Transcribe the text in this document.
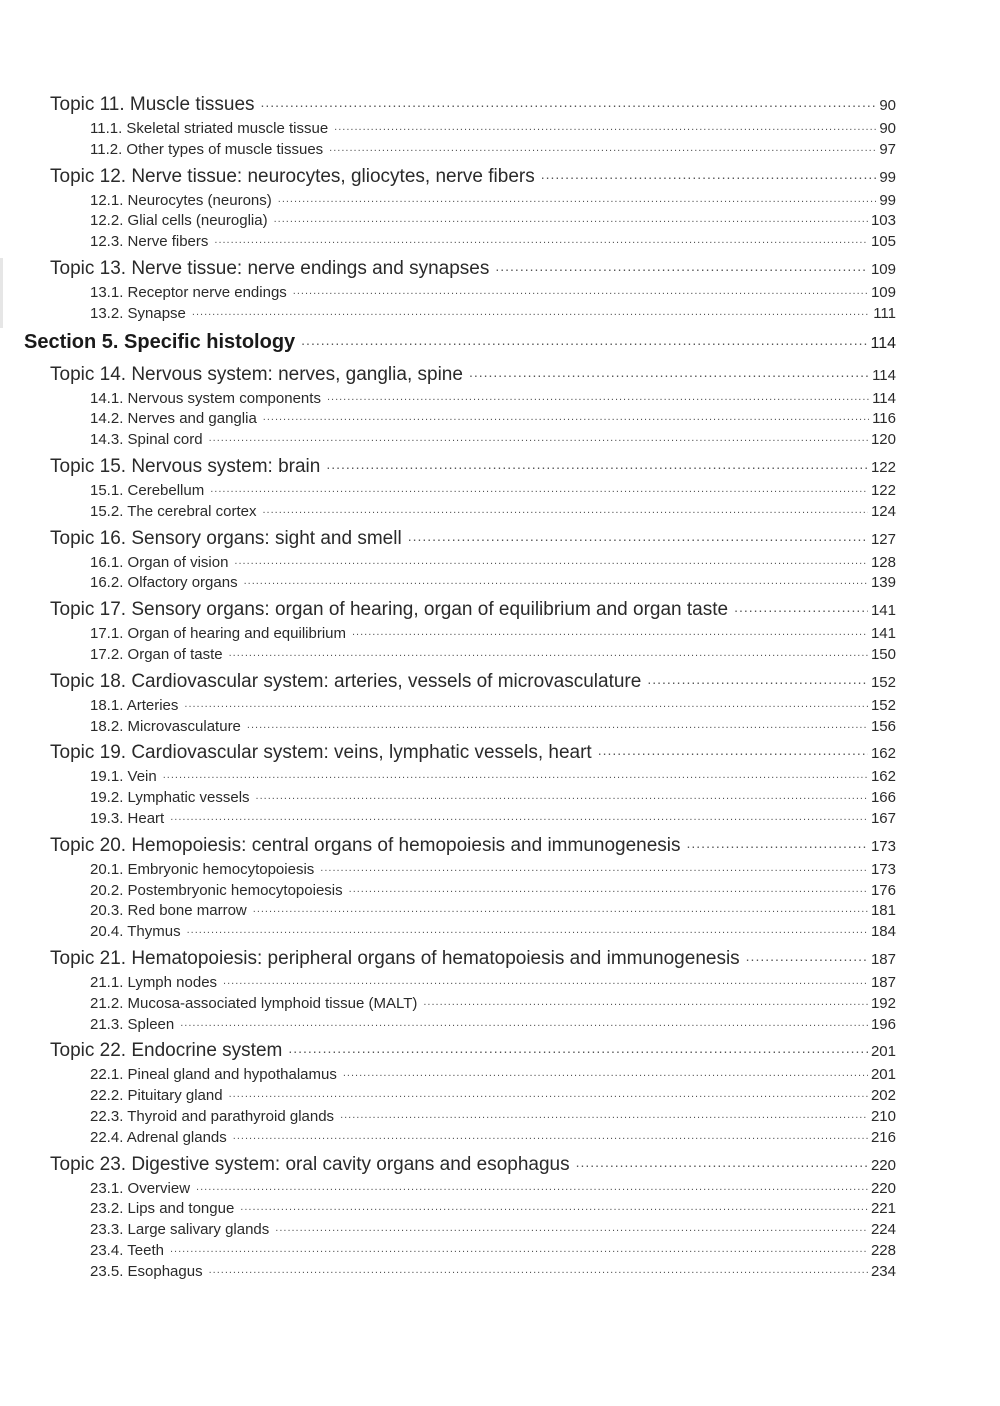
Topic 11. Muscle tissues .....	90
11.1. Skeletal striated muscle tissue .....	90
11.2. Other types of muscle tissues .....	97
Topic 12. Nerve tissue: neurocytes, gliocytes, nerve fibers .....	99
12.1. Neurocytes (neurons) .....	99
12.2. Glial cells (neuroglia) .....	103
12.3. Nerve fibers .....	105
Topic 13. Nerve tissue: nerve endings and synapses .....	109
13.1. Receptor nerve endings .....	109
13.2. Synapse .....	111
Section 5. Specific histology .....	114
Topic 14. Nervous system: nerves, ganglia, spine .....	114
14.1. Nervous system components .....	114
14.2. Nerves and ganglia .....	116
14.3. Spinal cord .....	120
Topic 15. Nervous system: brain .....	122
15.1. Cerebellum .....	122
15.2. The cerebral cortex .....	124
Topic 16. Sensory organs: sight and smell .....	127
16.1. Organ of vision .....	128
16.2. Olfactory organs .....	139
Topic 17. Sensory organs: organ of hearing, organ of equilibrium and organ taste .....	141
17.1. Organ of hearing and equilibrium .....	141
17.2. Organ of taste .....	150
Topic 18. Cardiovascular system: arteries, vessels of microvasculature .....	152
18.1. Arteries .....	152
18.2. Microvasculature .....	156
Topic 19. Cardiovascular system: veins, lymphatic vessels, heart .....	162
19.1. Vein .....	162
19.2. Lymphatic vessels .....	166
19.3. Heart .....	167
Topic 20. Hemopoiesis: central organs of hemopoiesis and immunogenesis .....	173
20.1. Embryonic hemocytopoiesis .....	173
20.2. Postembryonic hemocytopoiesis .....	176
20.3. Red bone marrow .....	181
20.4. Thymus .....	184
Topic 21. Hematopoiesis: peripheral organs of hematopoiesis and immunogenesis .....	187
21.1. Lymph nodes .....	187
21.2. Mucosa-associated lymphoid tissue (MALT) .....	192
21.3. Spleen .....	196
Topic 22. Endocrine system .....	201
22.1. Pineal gland and hypothalamus .....	201
22.2. Pituitary gland .....	202
22.3. Thyroid and parathyroid glands .....	210
22.4. Adrenal glands .....	216
Topic 23. Digestive system: oral cavity organs and esophagus .....	220
23.1. Overview .....	220
23.2. Lips and tongue .....	221
23.3. Large salivary glands .....	224
23.4. Teeth .....	228
23.5. Esophagus .....	234
